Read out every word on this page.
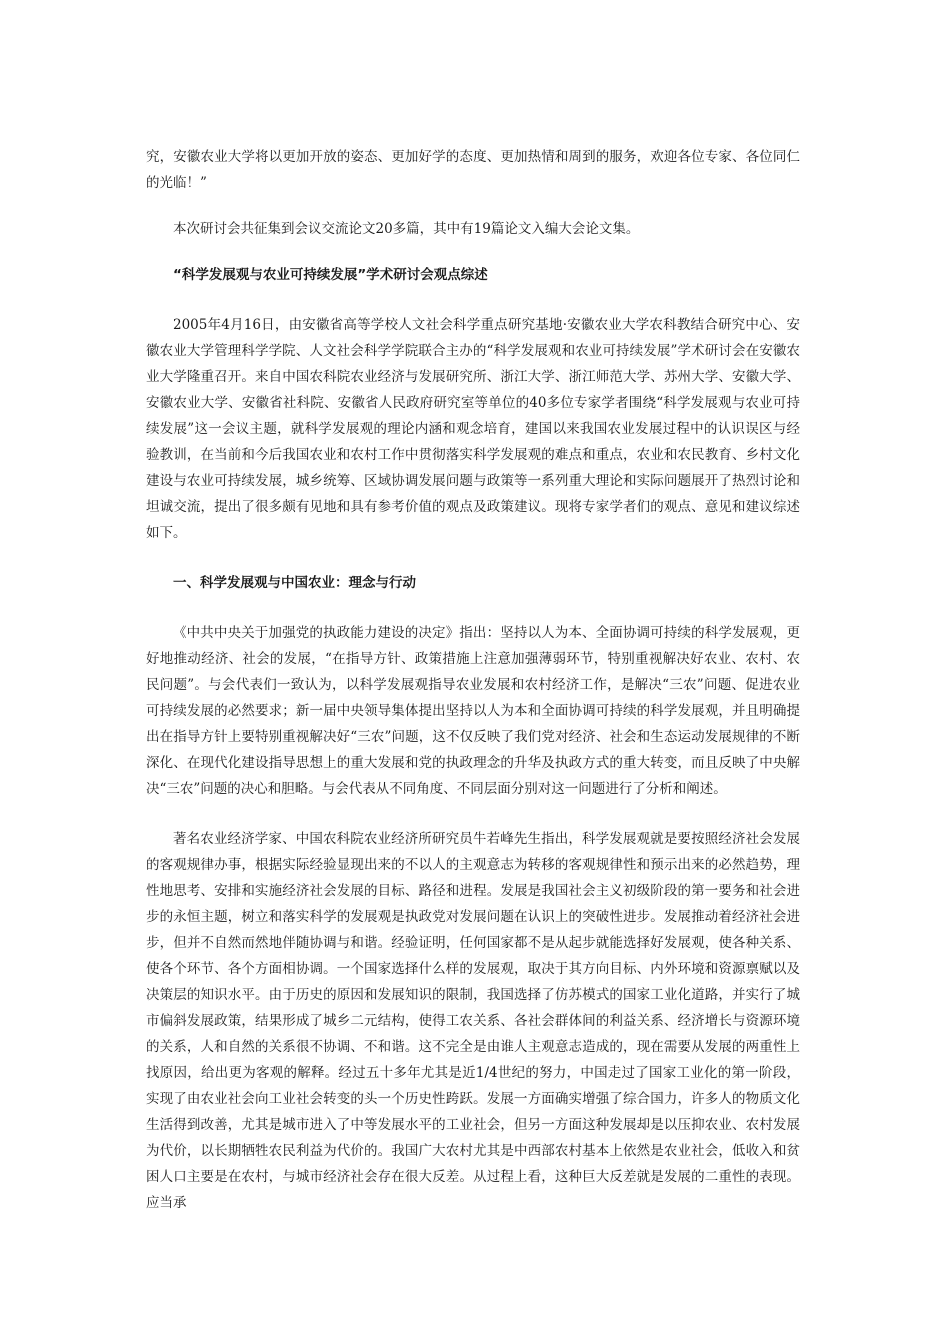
究，安徽农业大学将以更加开放的姿态、更加好学的态度、更加热情和周到的服务，欢迎各位专家、各位同仁的光临！”

本次研讨会共征集到会议交流论文20多篇，其中有19篇论文入编大会论文集。

“科学发展观与农业可持续发展”学术研讨会观点综述

2005年4月16日，由安徽省高等学校人文社会科学重点研究基地·安徽农业大学农科教结合研究中心、安徽农业大学管理科学学院、人文社会科学学院联合主办的“科学发展观和农业可持续发展”学术研讨会在安徽农业大学隆重召开。来自中国农科院农业经济与发展研究所、浙江大学、浙江师范大学、苏州大学、安徽大学、安徽农业大学、安徽省社科院、安徽省人民政府研究室等单位的40多位专家学者围绕“科学发展观与农业可持续发展”这一会议主题，就科学发展观的理论内涵和观念培育，建国以来我国农业发展过程中的认识误区与经验教训，在当前和今后我国农业和农村工作中贯彻落实科学发展观的难点和重点，农业和农民教育、乡村文化建设与农业可持续发展，城乡统筹、区域协调发展问题与政策等一系列重大理论和实际问题展开了热烈讨论和坦诚交流，提出了很多颇有见地和具有参考价值的观点及政策建议。现将专家学者们的观点、意见和建议综述如下。

一、科学发展观与中国农业：理念与行动

《中共中央关于加强党的执政能力建设的决定》指出：坚持以人为本、全面协调可持续的科学发展观，更好地推动经济、社会的发展，“在指导方针、政策措施上注意加强薄弱环节，特别重视解决好农业、农村、农民问题”。与会代表们一致认为，以科学发展观指导农业发展和农村经济工作，是解决“三农”问题、促进农业可持续发展的必然要求；新一届中央领导集体提出坚持以人为本和全面协调可持续的科学发展观，并且明确提出在指导方针上要特别重视解决好“三农”问题，这不仅反映了我们党对经济、社会和生态运动发展规律的不断深化、在现代化建设指导思想上的重大发展和党的执政理念的升华及执政方式的重大转变，而且反映了中央解决“三农”问题的决心和胆略。与会代表从不同角度、不同层面分别对这一问题进行了分析和阐述。

著名农业经济学家、中国农科院农业经济所研究员牛若峰先生指出，科学发展观就是要按照经济社会发展的客观规律办事，根据实际经验显现出来的不以人的主观意志为转移的客观规律性和预示出来的必然趋势，理性地思考、安排和实施经济社会发展的目标、路径和进程。发展是我国社会主义初级阶段的第一要务和社会进步的永恒主题，树立和落实科学的发展观是执政党对发展问题在认识上的突破性进步。发展推动着经济社会进步，但并不自然而然地伴随协调与和谐。经验证明，任何国家都不是从起步就能选择好发展观，使各种关系、使各个环节、各个方面相协调。一个国家选择什么样的发展观，取决于其方向目标、内外环境和资源禀赋以及决策层的知识水平。由于历史的原因和发展知识的限制，我国选择了仿苏模式的国家工业化道路，并实行了城市偏斜发展政策，结果形成了城乡二元结构，使得工农关系、各社会群体间的利益关系、经济增长与资源环境的关系，人和自然的关系很不协调、不和谐。这不完全是由谁人主观意志造成的，现在需要从发展的两重性上找原因，给出更为客观的解释。经过五十多年尤其是近1/4世纪的努力，中国走过了国家工业化的第一阶段，实现了由农业社会向工业社会转变的头一个历史性跨跃。发展一方面确实增强了综合国力，许多人的物质文化生活得到改善，尤其是城市进入了中等发展水平的工业社会，但另一方面这种发展却是以压抑农业、农村发展为代价，以长期牺牲农民利益为代价的。我国广大农村尤其是中西部农村基本上依然是农业社会，低收入和贫困人口主要是在农村，与城市经济社会存在很大反差。从过程上看，这种巨大反差就是发展的二重性的表现。应当承
